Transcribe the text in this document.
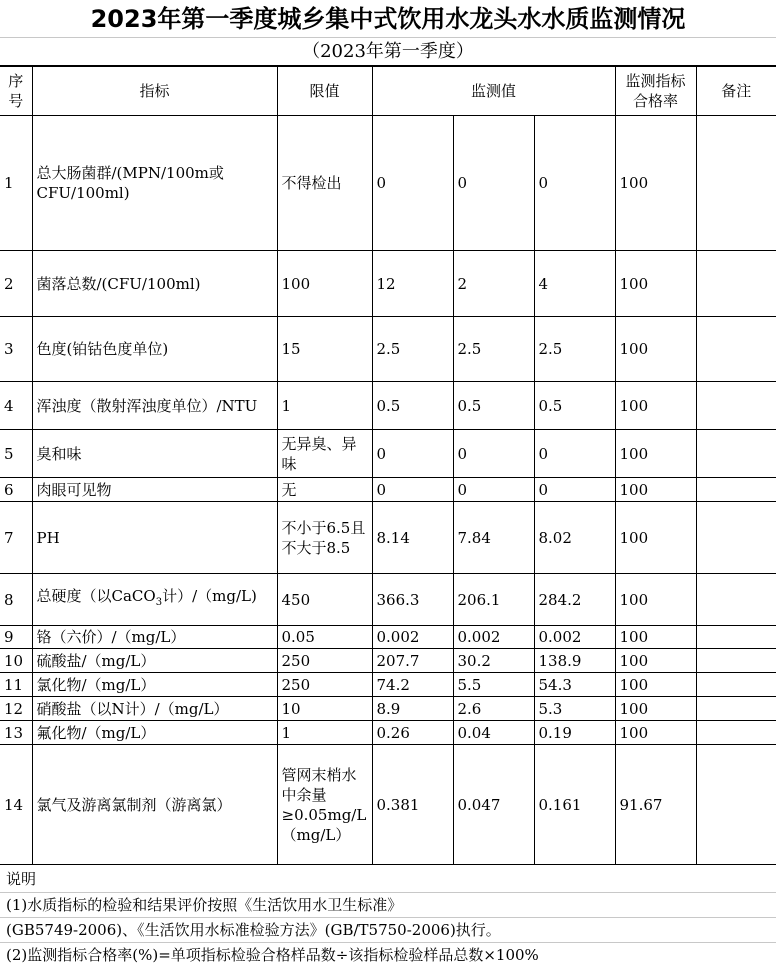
2023年第一季度城乡集中式饮用水龙头水水质监测情况
（2023年第一季度）
序
号	指标	限值	监测值			监测指标
合格率	备注
1	总大肠菌群/(MPN/100m或CFU/100ml)	不得检出	0	0	0	100	
2	菌落总数/(CFU/100ml)	100	12	2	4	100	
3	色度(铂钴色度单位)	15	2.5	2.5	2.5	100	
4	浑浊度（散射浑浊度单位）/NTU	1	0.5	0.5	0.5	100	
5	臭和味	无异臭、异味	0	0	0	100	
6	肉眼可见物	无	0	0	0	100	
7	PH	不小于6.5且不大于8.5	8.14	7.84	8.02	100	
8	总硬度（以CaCO$_3$计）/（mg/L)	450	366.3	206.1	284.2	100	
9	铬（六价）/（mg/L）	0.05	0.002	0.002	0.002	100	
10	硫酸盐/（mg/L）	250	207.7	30.2	138.9	100	
11	氯化物/（mg/L）	250	74.2	5.5	54.3	100	
12	硝酸盐（以N计）/（mg/L）	10	8.9	2.6	5.3	100	
13	氟化物/（mg/L）	1	0.26	0.04	0.19	100	
14	氯气及游离氯制剂（游离氯）	管网末梢水中余量≥0.05mg/L（mg/L）	0.381	0.047	0.161	91.67	
说明
(1)水质指标的检验和结果评价按照《生活饮用水卫生标准》
(GB5749-2006)、《生活饮用水标准检验方法》(GB/T5750-2006)执行。
(2)监测指标合格率(%)=单项指标检验合格样品数÷该指标检验样品总数×100%
